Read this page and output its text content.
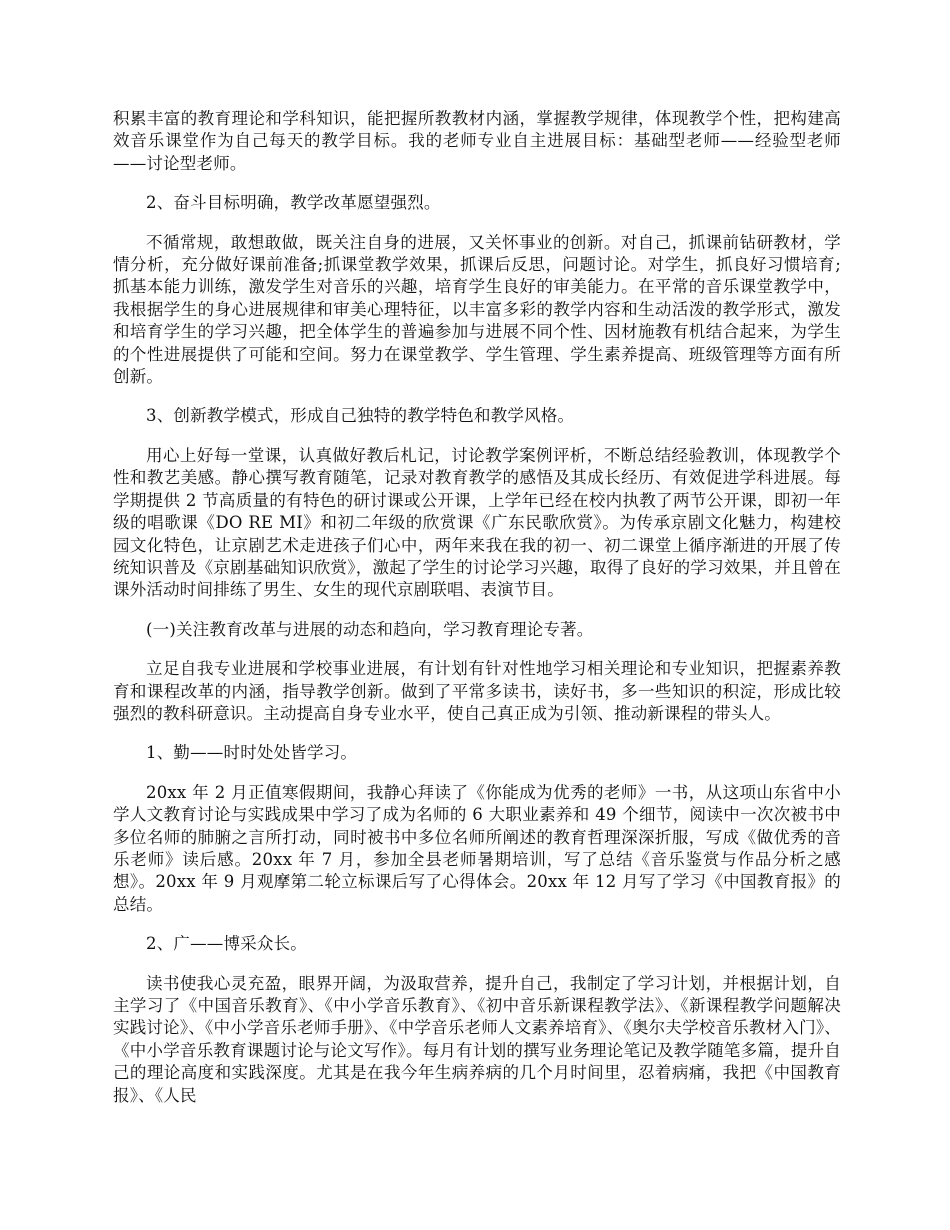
积累丰富的教育理论和学科知识，能把握所教教材内涵，掌握教学规律，体现教学个性，把构建高效音乐课堂作为自己每天的教学目标。我的老师专业自主进展目标：基础型老师——经验型老师——讨论型老师。

2、奋斗目标明确，教学改革愿望强烈。

不循常规，敢想敢做，既关注自身的进展，又关怀事业的创新。对自己，抓课前钻研教材，学情分析，充分做好课前准备;抓课堂教学效果，抓课后反思，问题讨论。对学生，抓良好习惯培育;抓基本能力训练，激发学生对音乐的兴趣，培育学生良好的审美能力。在平常的音乐课堂教学中，我根据学生的身心进展规律和审美心理特征，以丰富多彩的教学内容和生动活泼的教学形式，激发和培育学生的学习兴趣，把全体学生的普遍参加与进展不同个性、因材施教有机结合起来，为学生的个性进展提供了可能和空间。努力在课堂教学、学生管理、学生素养提高、班级管理等方面有所创新。

3、创新教学模式，形成自己独特的教学特色和教学风格。

用心上好每一堂课，认真做好教后札记，讨论教学案例评析，不断总结经验教训，体现教学个性和教艺美感。静心撰写教育随笔，记录对教育教学的感悟及其成长经历、有效促进学科进展。每学期提供 2 节高质量的有特色的研讨课或公开课，上学年已经在校内执教了两节公开课，即初一年级的唱歌课《DO RE MI》和初二年级的欣赏课《广东民歌欣赏》。为传承京剧文化魅力，构建校园文化特色，让京剧艺术走进孩子们心中，两年来我在我的初一、初二课堂上循序渐进的开展了传统知识普及《京剧基础知识欣赏》，激起了学生的讨论学习兴趣，取得了良好的学习效果，并且曾在课外活动时间排练了男生、女生的现代京剧联唱、表演节目。

(一)关注教育改革与进展的动态和趋向，学习教育理论专著。

立足自我专业进展和学校事业进展，有计划有针对性地学习相关理论和专业知识，把握素养教育和课程改革的内涵，指导教学创新。做到了平常多读书，读好书，多一些知识的积淀，形成比较强烈的教科研意识。主动提高自身专业水平，使自己真正成为引领、推动新课程的带头人。

1、勤——时时处处皆学习。

20xx 年 2 月正值寒假期间，我静心拜读了《你能成为优秀的老师》一书，从这项山东省中小学人文教育讨论与实践成果中学习了成为名师的 6 大职业素养和 49 个细节，阅读中一次次被书中多位名师的肺腑之言所打动，同时被书中多位名师所阐述的教育哲理深深折服，写成《做优秀的音乐老师》读后感。20xx 年 7 月，参加全县老师暑期培训，写了总结《音乐鉴赏与作品分析之感想》。20xx 年 9 月观摩第二轮立标课后写了心得体会。20xx 年 12 月写了学习《中国教育报》的总结。

2、广——博采众长。

读书使我心灵充盈，眼界开阔，为汲取营养，提升自己，我制定了学习计划，并根据计划，自主学习了《中国音乐教育》、《中小学音乐教育》、《初中音乐新课程教学法》、《新课程教学问题解决实践讨论》、《中小学音乐老师手册》、《中学音乐老师人文素养培育》、《奥尔夫学校音乐教材入门》、《中小学音乐教育课题讨论与论文写作》。每月有计划的撰写业务理论笔记及教学随笔多篇，提升自己的理论高度和实践深度。尤其是在我今年生病养病的几个月时间里，忍着病痛，我把《中国教育报》、《人民
